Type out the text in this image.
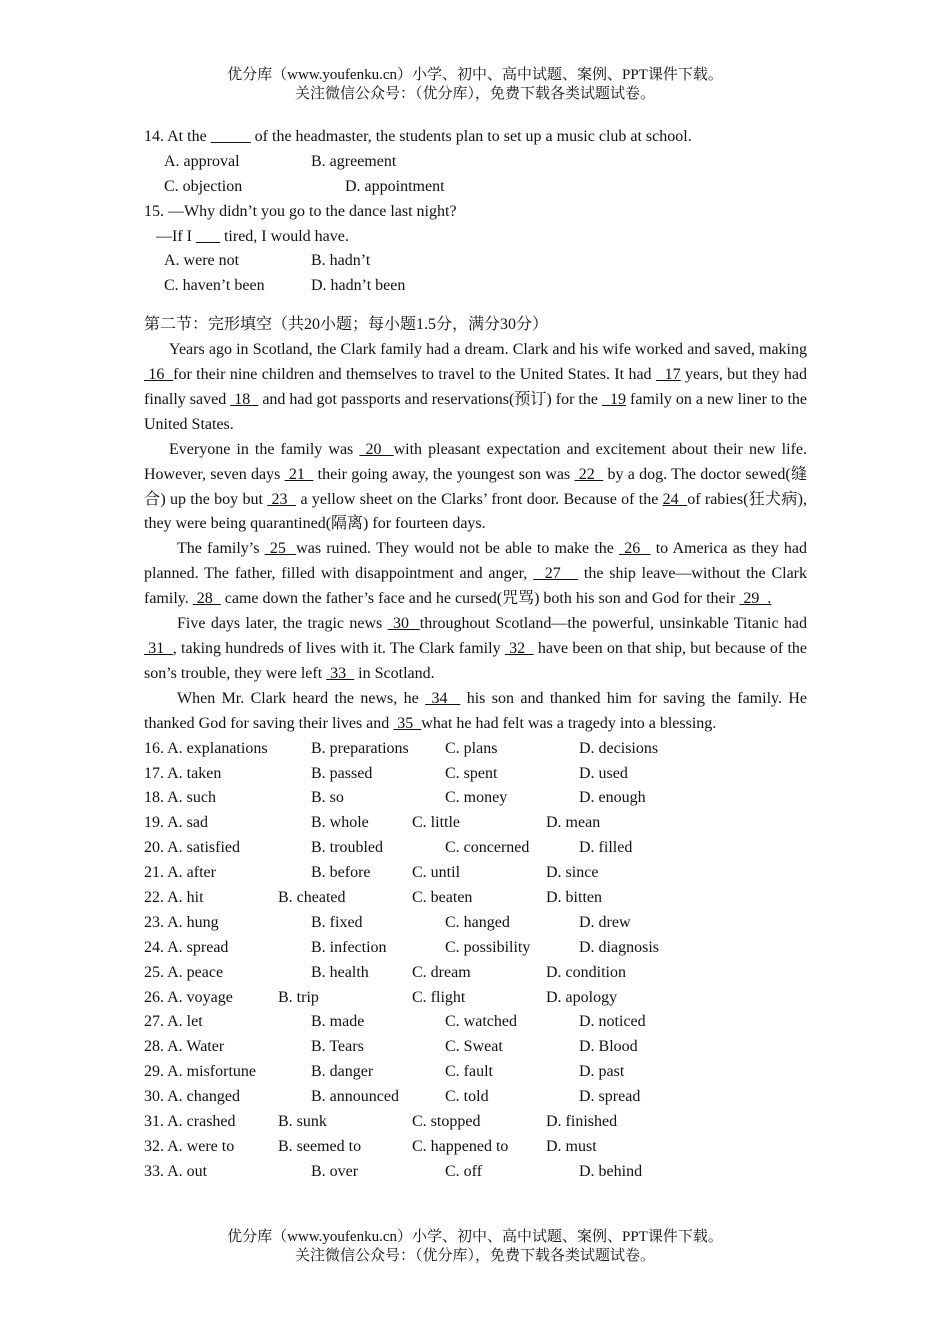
优分库（www.youfenku.cn）小学、初中、高中试题、案例、PPT课件下载。
关注微信公众号：（优分库），免费下载各类试题试卷。
14. At the _____ of the headmaster, the students plan to set up a music club at school.
A. approval	B. agreement
C. objection	D. appointment
15. —Why didn’t you go to the dance last night?
—If I        tired, I would have.
A. were not	B. hadn’t
C. haven’t been	D. hadn’t been
第二节：完形填空（共20小题；每小题1.5分，满分30分）

Years ago in Scotland, the Clark family had a dream. Clark and his wife worked and saved, making  16  for their nine children and themselves to travel to the United States. It had   17 years, but they had finally saved  18   and had got passports and reservations(预订) for the   19 family on a new liner to the United States.

Everyone in the family was  20  with pleasant expectation and excitement about their new life. However, seven days  21   their going away, the youngest son was  22   by a dog. The doctor sewed(缝合) up the boy but  23   a yellow sheet on the Clarks’ front door. Because of the 24  of rabies(狂犬病), they were being quarantined(隔离) for fourteen days.

The family’s  25  was ruined. They would not be able to make the  26   to America as they had planned. The father, filled with disappointment and anger,   27    the ship leave—without the Clark family.  28   came down the father’s face and he cursed(咒骂) both his son and God for their  29  .

Five days later, the tragic news  30  throughout Scotland—the powerful, unsinkable Titanic had  31  , taking hundreds of lives with it. The Clark family  32   have been on that ship, but because of the son’s trouble, they were left  33   in Scotland.

When Mr. Clark heard the news, he  34   his son and thanked him for saving the family. He thanked God for saving their lives and  35  what he had felt was a tragedy into a blessing.

16. A. explanations	B. preparations C. plans	D. decisions
17. A. taken	B. passed	C. spent	D. used
18. A. such	B. so	C. money	D. enough
19. A. sad	B. whole	C. little	D. mean
20. A. satisfied	B. troubled	C. concerned	D. filled
21. A. after	B. before	C. until	D. since
22. A. hit	B. cheated	C. beaten	D. bitten
23. A. hung	B. fixed	C. hanged	D. drew
24. A. spread	B. infection	C. possibility	D. diagnosis
25. A. peace	B. health	C. dream	D. condition
26. A. voyage	B. trip	C. flight	D. apology
27. A. let	B. made	C. watched	D. noticed
28. A. Water	B. Tears	C. Sweat	D. Blood
29. A. misfortune	B. danger	C. fault	D. past
30. A. changed	B. announced	C. told	D. spread
31. A. crashed	B. sunk	C. stopped	D. finished
32. A. were to	B. seemed to	C. happened to D. must
33. A. out	B. over	C. off	D. behind
优分库（www.youfenku.cn）小学、初中、高中试题、案例、PPT课件下载。
关注微信公众号：（优分库），免费下载各类试题试卷。
